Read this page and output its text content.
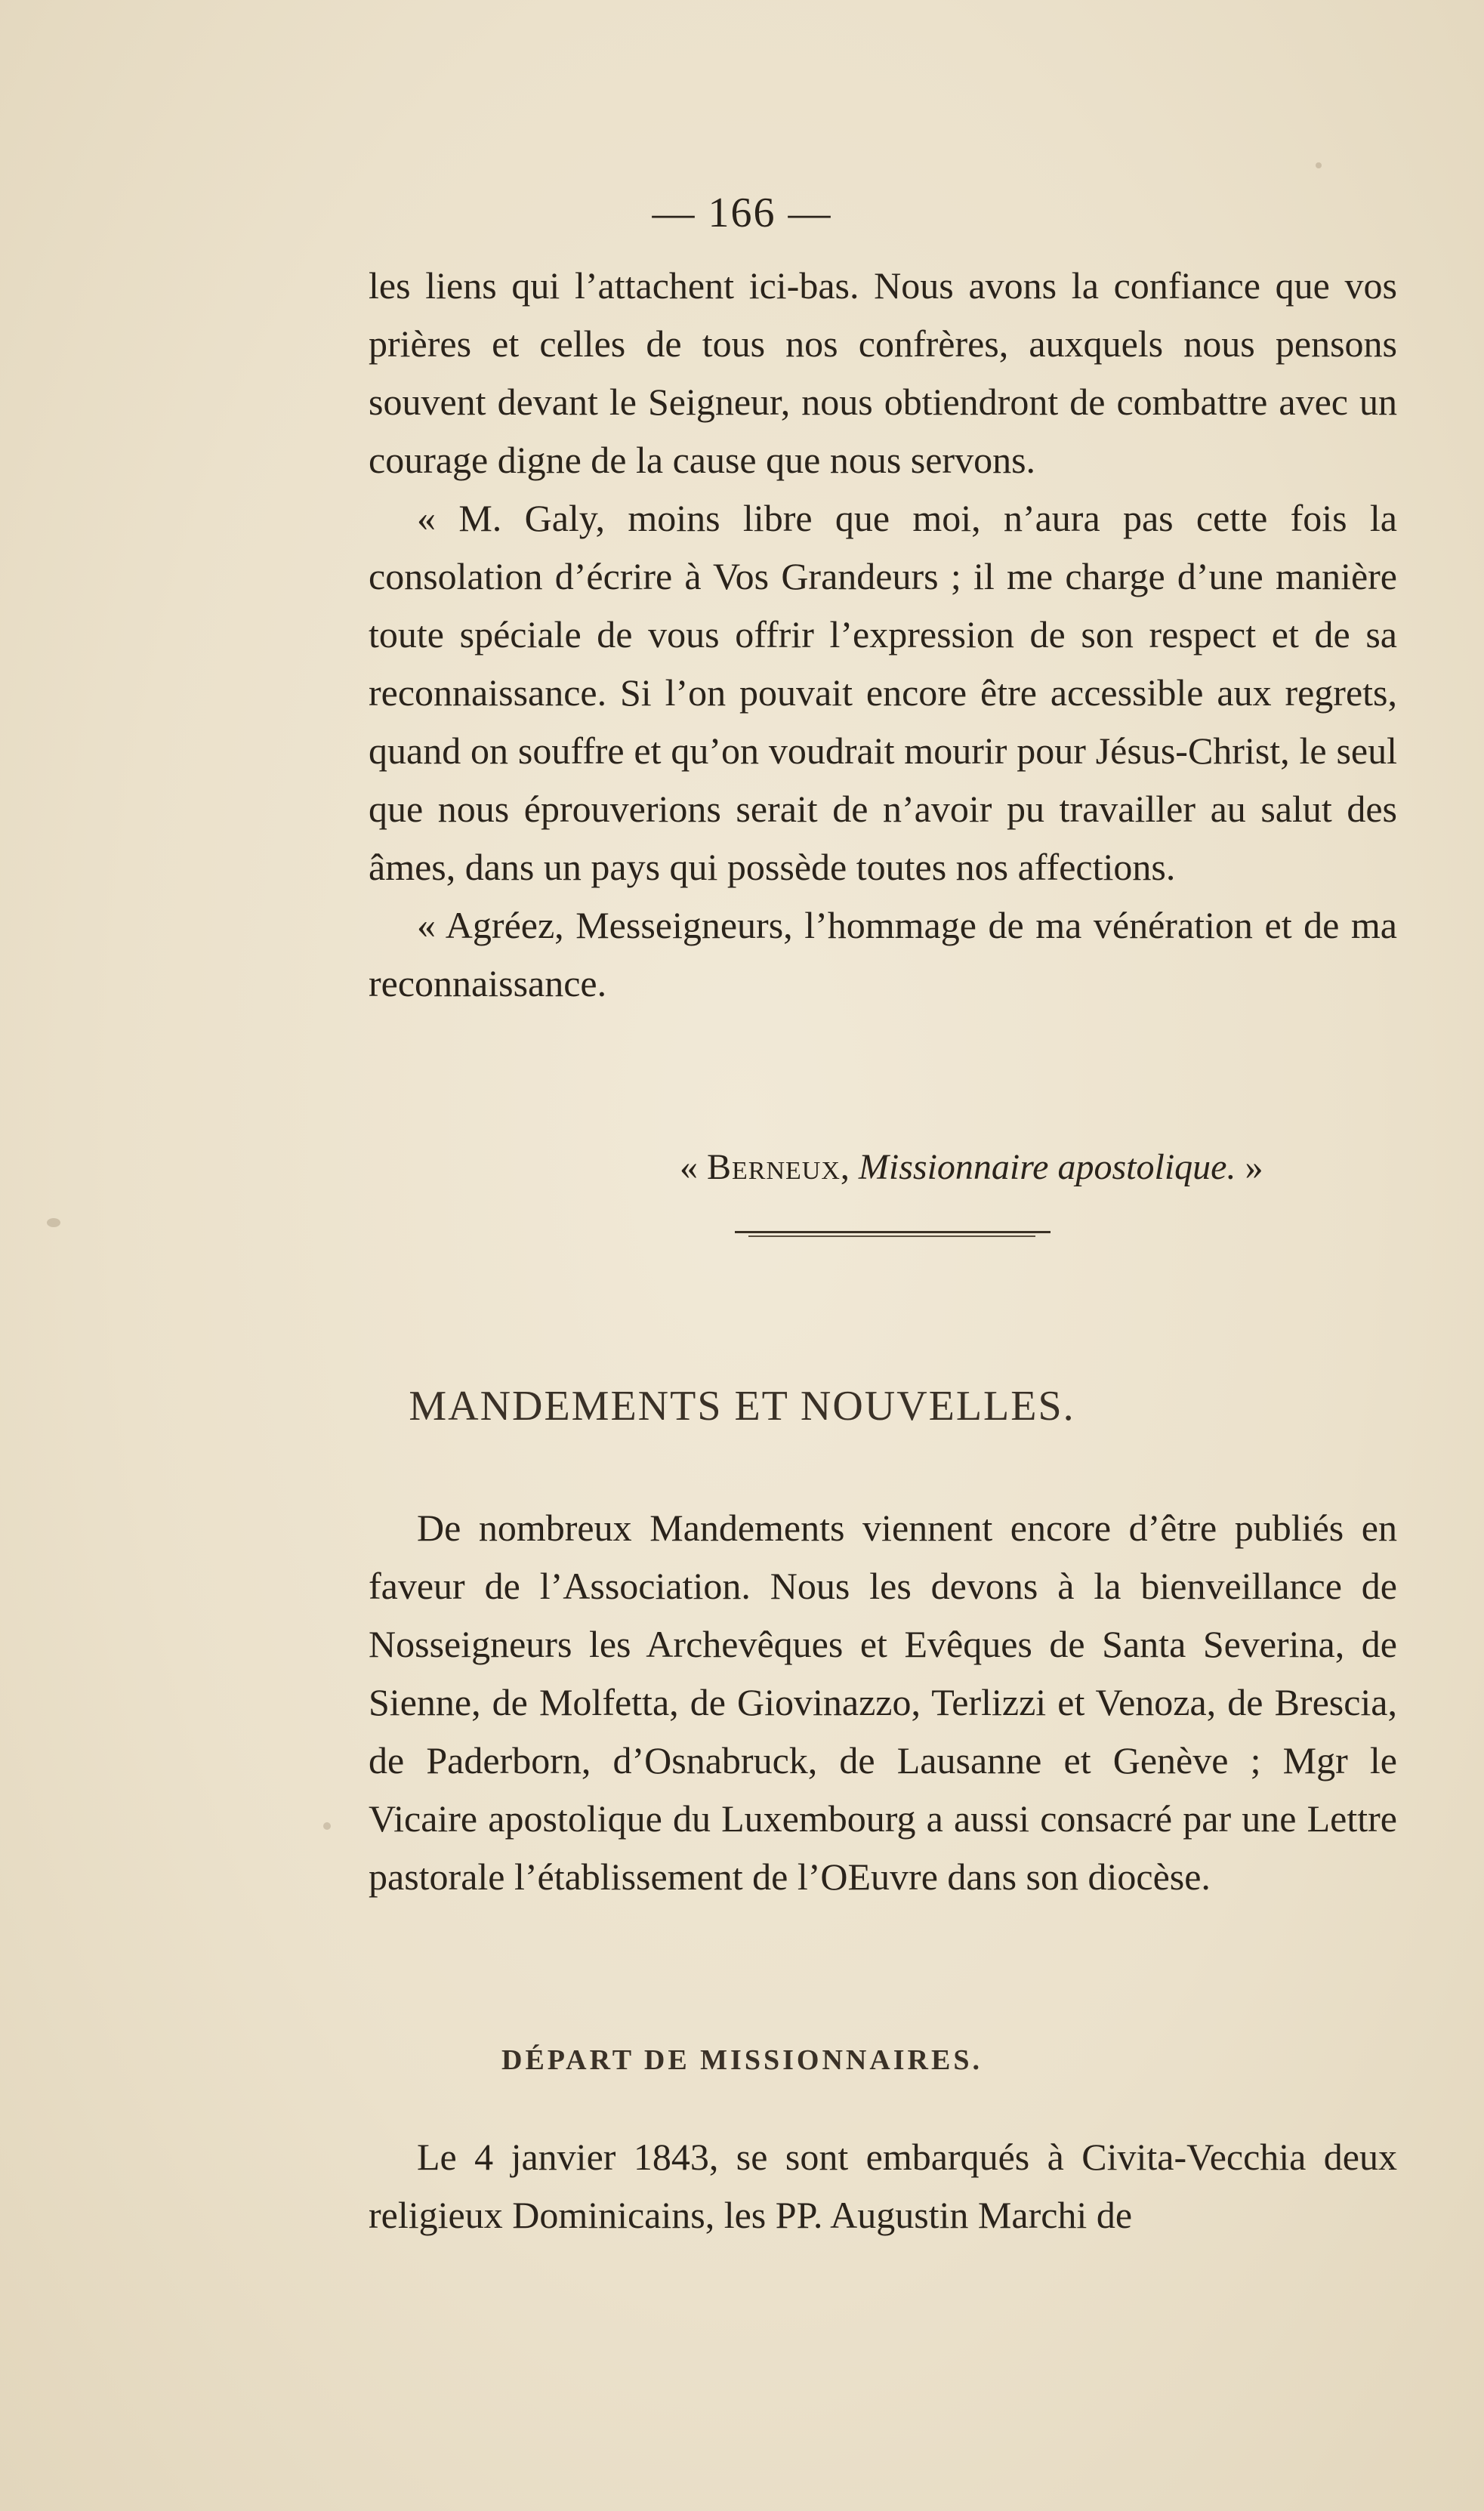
— 166 —

les liens qui l’attachent ici-bas. Nous avons la confiance que vos prières et celles de tous nos confrères, auxquels nous pensons souvent devant le Seigneur, nous obtiendront de combattre avec un courage digne de la cause que nous servons.

« M. Galy, moins libre que moi, n’aura pas cette fois la consolation d’écrire à Vos Grandeurs ; il me charge d’une manière toute spéciale de vous offrir l’expression de son respect et de sa reconnaissance. Si l’on pouvait encore être accessible aux regrets, quand on souffre et qu’on voudrait mourir pour Jésus-Christ, le seul que nous éprouverions serait de n’avoir pu travailler au salut des âmes, dans un pays qui possède toutes nos affections.

« Agréez, Messeigneurs, l’hommage de ma vénération et de ma reconnaissance.

« Berneux, Missionnaire apostolique. »
MANDEMENTS ET NOUVELLES.

De nombreux Mandements viennent encore d’être publiés en faveur de l’Association. Nous les devons à la bienveillance de Nosseigneurs les Archevêques et Evêques de Santa Severina, de Sienne, de Molfetta, de Giovinazzo, Terlizzi et Venoza, de Brescia, de Paderborn, d’Osnabruck, de Lausanne et Genève ; Mgr le Vicaire apostolique du Luxembourg a aussi consacré par une Lettre pastorale l’établissement de l’OEuvre dans son diocèse.

DÉPART DE MISSIONNAIRES.

Le 4 janvier 1843, se sont embarqués à Civita-Vecchia deux religieux Dominicains, les PP. Augustin Marchi de
